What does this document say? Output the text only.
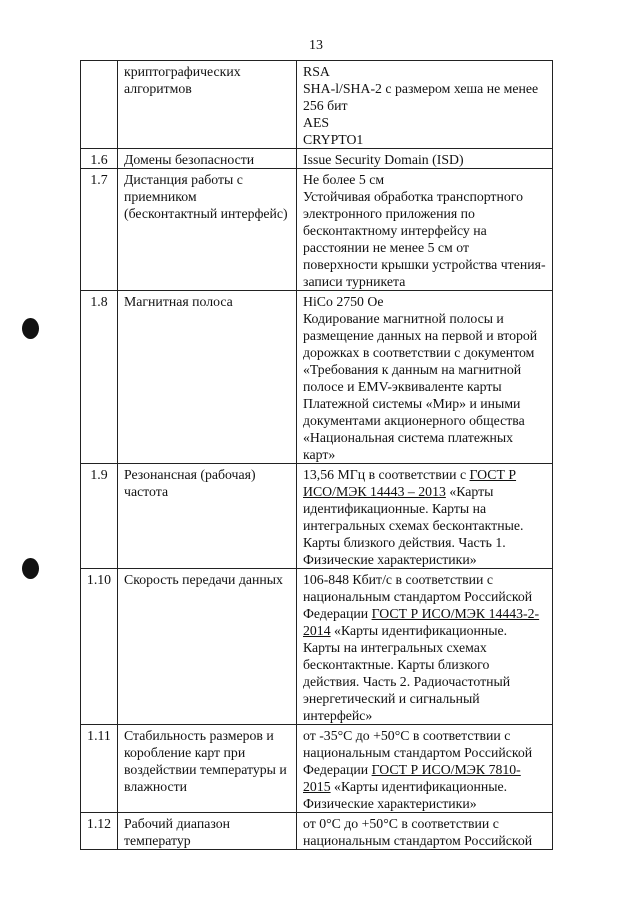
13
	криптографических алгоритмов	RSA
SHA-l/SHA-2 с размером хеша не менее 256 бит
AES
CRYPTO1

1.6	Домены безопасности	Issue Security Domain (ISD)

1.7	Дистанция работы с приемником (бесконтактный интерфейс)	Не более 5 см
Устойчивая обработка транспортного электронного приложения по бесконтактному интерфейсу на расстоянии не менее 5 см от поверхности крышки устройства чтения-записи турникета

1.8	Магнитная полоса	HiCo 2750 Oe
Кодирование магнитной полосы и размещение данных на первой и второй дорожках в соответствии с документом «Требования к данным на магнитной полосе и EMV-эквиваленте карты Платежной системы «Мир» и иными документами акционерного общества «Национальная система платежных карт»

1.9	Резонансная (рабочая) частота	13,56 МГц в соответствии с ГОСТ Р ИСО/МЭК 14443 – 2013 «Карты идентификационные. Карты на интегральных схемах бесконтактные. Карты близкого действия. Часть 1. Физические характеристики»

1.10	Скорость передачи данных	106-848 Кбит/с в соответствии с национальным стандартом Российской Федерации ГОСТ Р ИСО/МЭК 14443-2-2014 «Карты идентификационные. Карты на интегральных схемах бесконтактные. Карты близкого действия. Часть 2. Радиочастотный энергетический и сигнальный интерфейс»

1.11	Стабильность размеров и коробление карт при воздействии температуры и влажности	от -35°С до +50°С в соответствии с национальным стандартом Российской Федерации ГОСТ Р ИСО/МЭК 7810-2015 «Карты идентификационные. Физические характеристики»

1.12	Рабочий диапазон температур	от 0°С до +50°С в соответствии с национальным стандартом Российской
